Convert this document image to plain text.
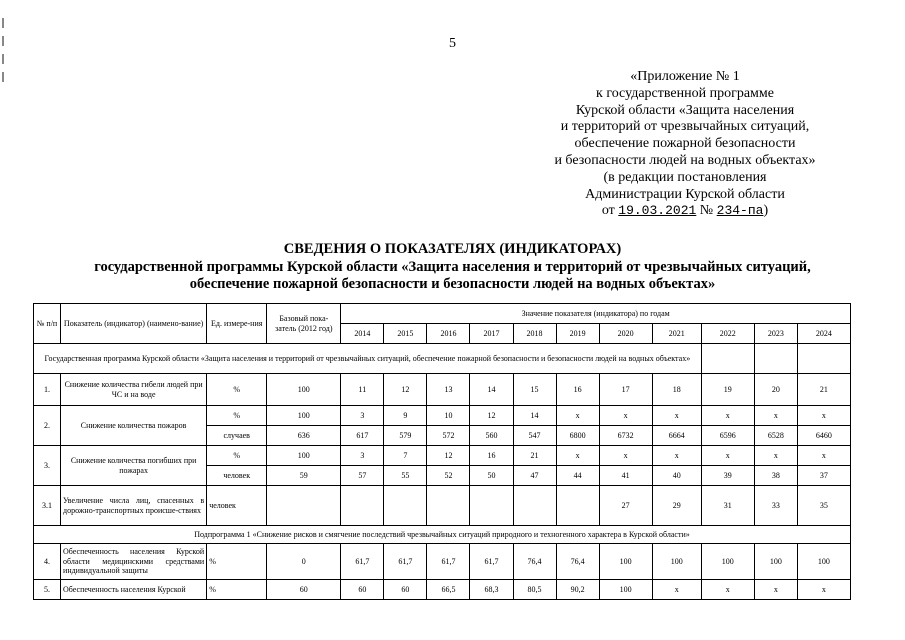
5
«Приложение № 1
к государственной программе
Курской области «Защита населения
и территорий от чрезвычайных ситуаций,
обеспечение пожарной безопасности
и безопасности людей на водных объектах»
(в редакции постановления
Администрации Курской области
от 19.03.2021 № 234-па)
СВЕДЕНИЯ О ПОКАЗАТЕЛЯХ (ИНДИКАТОРАХ)
государственной программы Курской области «Защита населения и территорий от чрезвычайных ситуаций,
обеспечение пожарной безопасности и безопасности людей на водных объектах»
№ п/п	Показатель (индикатор) (наимено-вание)	Ед. измере-ния	Базовый пока-затель (2012 год)	Значение показателя (индикатора) по годам										
				2014	2015	2016	2017	2018	2019	2020	2021	2022	2023	2024
Государственная программа Курской области «Защита населения и территорий от чрезвычайных ситуаций, обеспечение пожарной безопасности и безопасности людей на водных объектах»														
1.	Снижение количества гибели людей при ЧС и на воде	%	100	11	12	13	14	15	16	17	18	19	20	21
2.	Снижение количества пожаров	%	100	3	9	10	12	14	x	x	x	x	x	x
		случаев	636	617	579	572	560	547	6800	6732	6664	6596	6528	6460
3.	Снижение количества погибших при пожарах	%	100	3	7	12	16	21	x	x	x	x	x	x
		человек	59	57	55	52	50	47	44	41	40	39	38	37
3.1	Увеличение числа лиц, спасенных в дорожно-транспортных происше-ствиях	человек								27	29	31	33	35
Подпрограмма 1 «Снижение рисков и смягчение последствий чрезвычайных ситуаций природного и техногенного характера в Курской области»														
4.	Обеспеченность населения Курской области медицинскими средствами индивидуальной защиты	%	0	61,7	61,7	61,7	61,7	76,4	76,4	100	100	100	100	100
5.	Обеспеченность населения Курской	%	60	60	60	66,5	68,3	80,5	90,2	100	x	x	x	x
